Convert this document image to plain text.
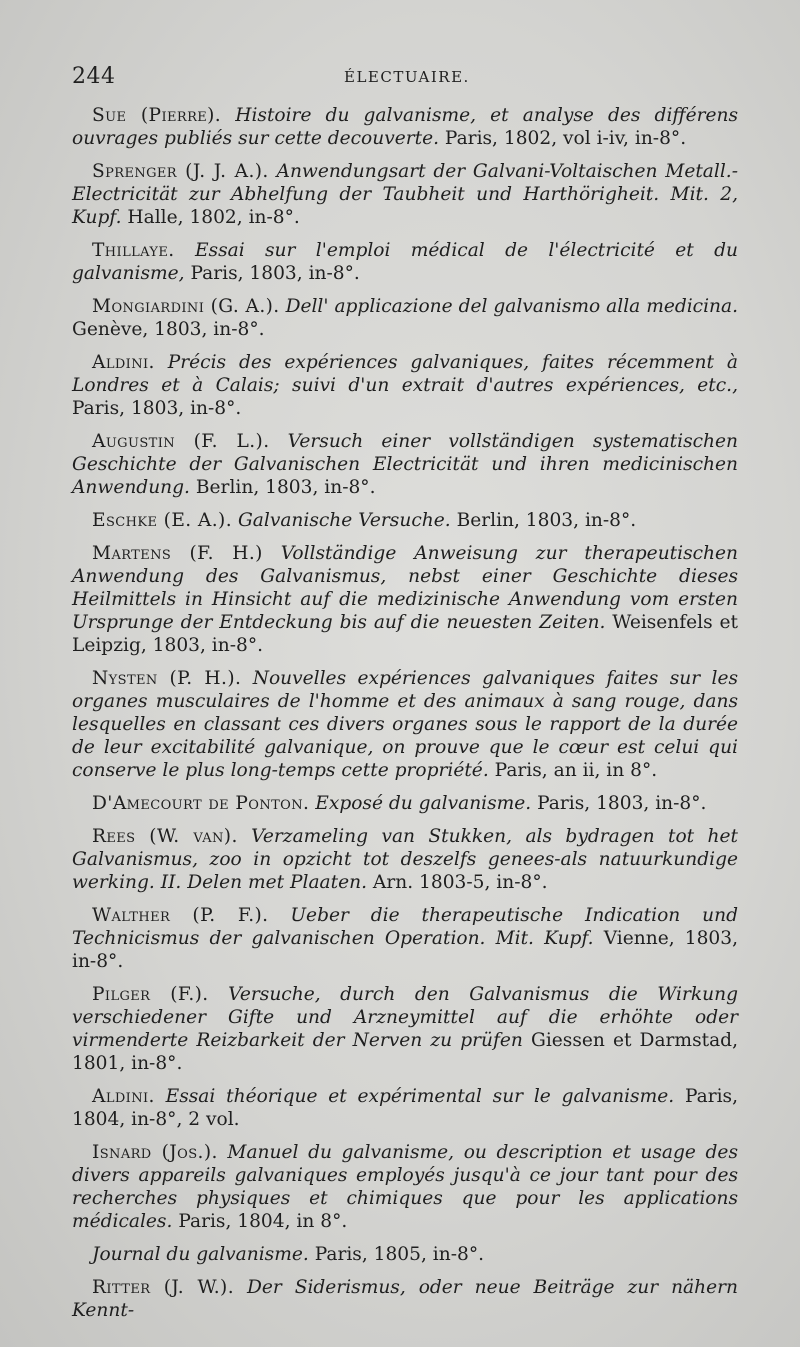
244	ÉLECTUAIRE.

Sue (Pierre). Histoire du galvanisme, et analyse des différens ouvrages publiés sur cette decouverte. Paris, 1802, vol i-iv, in-8°.

Sprenger (J. J. A.). Anwendungsart der Galvani-Voltaischen Metall.-Electricität zur Abhelfung der Taubheit und Harthörigheit. Mit. 2, Kupf. Halle, 1802, in-8°.

Thillaye. Essai sur l'emploi médical de l'électricité et du galvanisme, Paris, 1803, in-8°.

Mongiardini (G. A.). Dell' applicazione del galvanismo alla medicina. Genève, 1803, in-8°.

Aldini. Précis des expériences galvaniques, faites récemment à Londres et à Calais; suivi d'un extrait d'autres expériences, etc., Paris, 1803, in-8°.

Augustin (F. L.). Versuch einer vollständigen systematischen Geschichte der Galvanischen Electricität und ihren medicinischen Anwendung. Berlin, 1803, in-8°.

Eschke (E. A.). Galvanische Versuche. Berlin, 1803, in-8°.

Martens (F. H.) Vollständige Anweisung zur therapeutischen Anwendung des Galvanismus, nebst einer Geschichte dieses Heilmittels in Hinsicht auf die medizinische Anwendung vom ersten Ursprunge der Entdeckung bis auf die neuesten Zeiten. Weisenfels et Leipzig, 1803, in-8°.

Nysten (P. H.). Nouvelles expériences galvaniques faites sur les organes musculaires de l'homme et des animaux à sang rouge, dans lesquelles en classant ces divers organes sous le rapport de la durée de leur excitabilité galvanique, on prouve que le cœur est celui qui conserve le plus long-temps cette propriété. Paris, an ii, in 8°.

D'Amecourt de Ponton. Exposé du galvanisme. Paris, 1803, in-8°.

Rees (W. van). Verzameling van Stukken, als bydragen tot het Galvanismus, zoo in opzicht tot deszelfs genees-als natuurkundige werking. II. Delen met Plaaten. Arn. 1803-5, in-8°.

Walther (P. F.). Ueber die therapeutische Indication und Technicismus der galvanischen Operation. Mit. Kupf. Vienne, 1803, in-8°.

Pilger (F.). Versuche, durch den Galvanismus die Wirkung verschiedener Gifte und Arzneymittel auf die erhöhte oder virmenderte Reizbarkeit der Nerven zu prüfen Giessen et Darmstad, 1801, in-8°.

Aldini. Essai théorique et expérimental sur le galvanisme. Paris, 1804, in-8°, 2 vol.

Isnard (Jos.). Manuel du galvanisme, ou description et usage des divers appareils galvaniques employés jusqu'à ce jour tant pour des recherches physiques et chimiques que pour les applications médicales. Paris, 1804, in 8°.

Journal du galvanisme. Paris, 1805, in-8°.

Ritter (J. W.). Der Siderismus, oder neue Beiträge zur nähern Kennt-
